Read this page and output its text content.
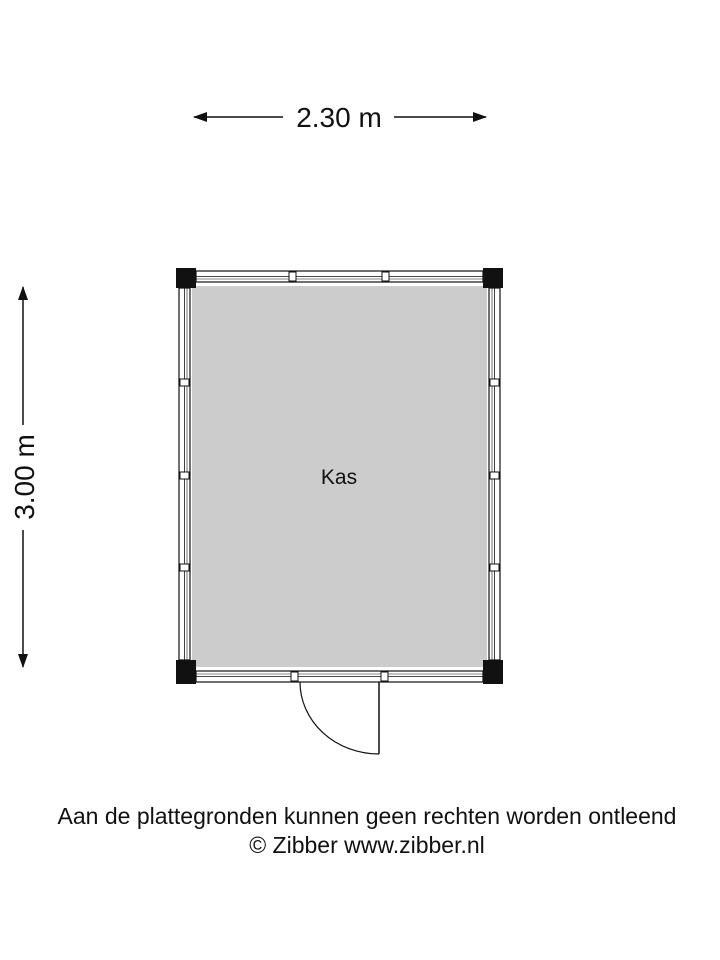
2.30 m
3.00 m	Kas
Aan de plattegronden kunnen geen rechten worden ontleend
© Zibber www.zibber.nl
